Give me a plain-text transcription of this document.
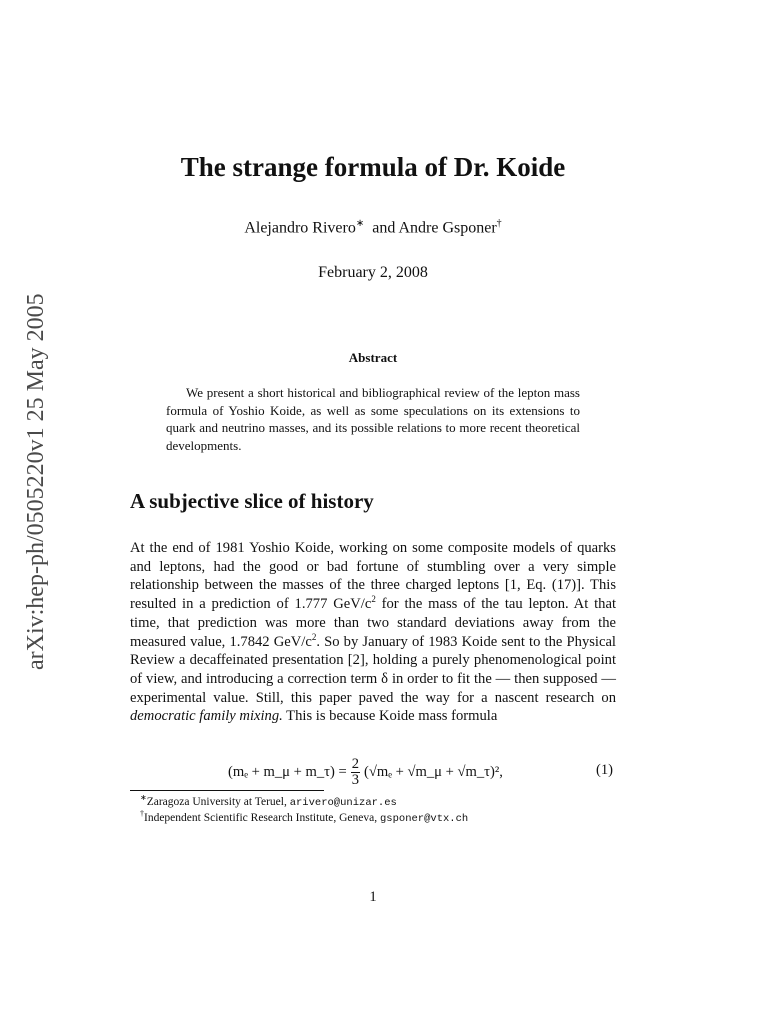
arXiv:hep-ph/0505220v1 25 May 2005
The strange formula of Dr. Koide
Alejandro Rivero∗ and Andre Gsponer†
February 2, 2008
Abstract
We present a short historical and bibliographical review of the lepton mass formula of Yoshio Koide, as well as some speculations on its extensions to quark and neutrino masses, and its possible relations to more recent theoretical developments.
A subjective slice of history
At the end of 1981 Yoshio Koide, working on some composite models of quarks and leptons, had the good or bad fortune of stumbling over a very simple relationship between the masses of the three charged leptons [1, Eq. (17)]. This resulted in a prediction of 1.777 GeV/$c^2$ for the mass of the tau lepton. At that time, that prediction was more than two standard deviations away from the measured value, 1.7842 GeV/$c^2$. So by January of 1983 Koide sent to the Physical Review a decaffeinated presentation [2], holding a purely phenomenological point of view, and introducing a correction term δ in order to fit the — then supposed — experimental value. Still, this paper paved the way for a nascent research on democratic family mixing. This is because Koide mass formula
(mₑ + m_μ + m_τ) = $\frac{2}{3} (√m_e$ + √m_μ + √m_τ)²,	(1)
∗Zaragoza University at Teruel, arivero@unizar.es
†Independent Scientific Research Institute, Geneva, gsponer@vtx.ch
1
